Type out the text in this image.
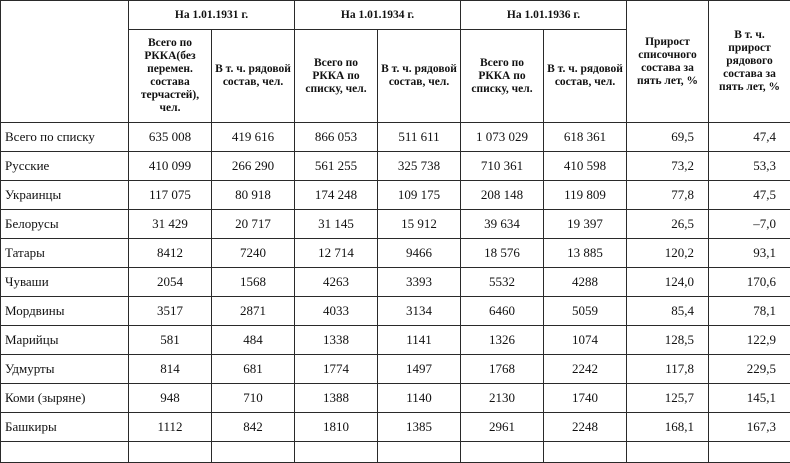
	На 1.01.1931 г.		На 1.01.1934 г.		На 1.01.1936 г.		Прирост списочного состава за пять лет, %	В т. ч. прирост рядового состава за пять лет, %
	Всего по РККА(без перемен. состава терчастей), чел.	В т. ч. рядовой состав, чел.	Всего по РККА по списку, чел.	В т. ч. рядовой состав, чел.	Всего по РККА по списку, чел.	В т. ч. рядовой состав, чел.		
Всего по списку	635 008	419 616	866 053	511 611	1 073 029	618 361	69,5	47,4
Русские	410 099	266 290	561 255	325 738	710 361	410 598	73,2	53,3
Украинцы	117 075	80 918	174 248	109 175	208 148	119 809	77,8	47,5
Белорусы	31 429	20 717	31 145	15 912	39 634	19 397	26,5	–7,0
Татары	8412	7240	12 714	9466	18 576	13 885	120,2	93,1
Чуваши	2054	1568	4263	3393	5532	4288	124,0	170,6
Мордвины	3517	2871	4033	3134	6460	5059	85,4	78,1
Марийцы	581	484	1338	1141	1326	1074	128,5	122,9
Удмурты	814	681	1774	1497	1768	2242	117,8	229,5
Коми (зыряне)	948	710	1388	1140	2130	1740	125,7	145,1
Башкиры	1112	842	1810	1385	2961	2248	168,1	167,3
